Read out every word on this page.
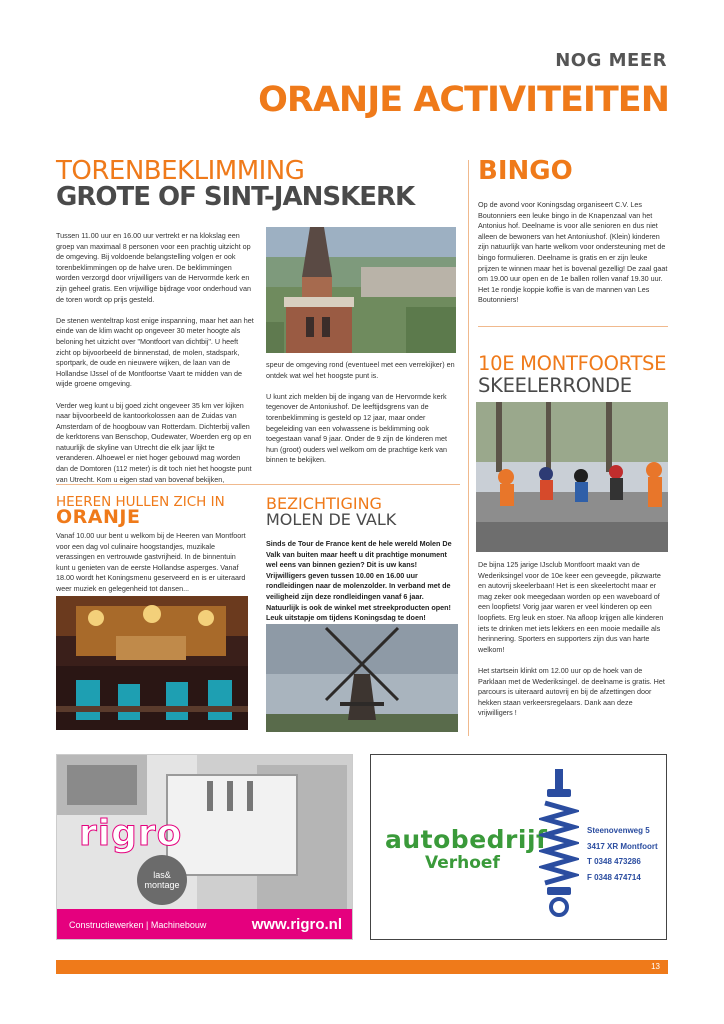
NOG MEER
ORANJE ACTIVITEITEN
TORENBEKLIMMING
GROTE OF SINT-JANSKERK

Tussen 11.00 uur en 16.00 uur vertrekt er na klokslag een groep van maximaal 8 personen voor een prachtig uitzicht op de omgeving. Bij voldoende belangstelling volgen er ook torenbeklimmingen op de halve uren. De beklimmingen worden verzorgd door vrijwilligers van de Hervormde kerk en zijn geheel gratis. Een vrijwillige bijdrage voor onderhoud van de toren wordt op prijs gesteld.

De stenen wenteltrap kost enige inspanning, maar het aan het einde van de klim wacht op ongeveer 30 meter hoogte als beloning het uitzicht over "Montfoort van dichtbij". U heeft zicht op bijvoorbeeld de binnenstad, de molen, stadspark, sportpark, de oude en nieuwere wijken, de laan van de Hollandse IJssel of de Montfoortse Vaart te midden van de wijde groene omgeving.

Verder weg kunt u bij goed zicht ongeveer 35 km ver kijken naar bijvoorbeeld de kantoorkolossen aan de Zuidas van Amsterdam of de hoogbouw van Rotterdam. Dichterbij vallen de kerktorens van Benschop, Oudewater, Woerden erg op en natuurlijk de skyline van Utrecht die elk jaar lijkt te veranderen. Alhoewel er niet hoger gebouwd mag worden dan de Domtoren (112 meter) is dit toch niet het hoogste punt van Utrecht. Kom u eigen stad van bovenaf bekijken,

speur de omgeving rond (eventueel met een verrekijker) en ontdek wat wel het hoogste punt is.

U kunt zich melden bij de ingang van de Hervormde kerk tegenover de Antoniushof. De leeftijdsgrens van de torenbeklimming is gesteld op 12 jaar, maar onder begeleiding van een volwassene is beklimming ook toegestaan vanaf 9 jaar. Onder de 9 zijn de kinderen met hun (groot) ouders wel welkom om de prachtige kerk van binnen te bekijken.

BINGO
Op de avond voor Koningsdag organiseert C.V. Les Boutonniers een leuke bingo in de Knapenzaal van het Antonius hof. Deelname is voor alle senioren en dus niet alleen de bewoners van het Antoniushof. (Klein) kinderen zijn natuurlijk van harte welkom voor ondersteuning met de bingo formulieren. Deelname is gratis en er zijn leuke prijzen te winnen maar het is bovenal gezellig! De zaal gaat om 19.00 uur open en de 1e ballen rollen vanaf 19.30 uur. Het 1e rondje koppie koffie is van de mannen van Les Boutonniers!
10E MONTFOORTSE
SKEELERRONDE

De bijna 125 jarige IJsclub Montfoort maakt van de Wederiksingel voor de 10e keer een geveegde, pikzwarte en autovrij skeelerbaan! Het is een skeelertocht maar er mag zeker ook meegedaan worden op een waveboard of een loopfiets! Vorig jaar waren er veel kinderen op een loopfiets. Erg leuk en stoer. Na afloop krijgen alle kinderen iets te drinken met iets lekkers en een mooie medaille als herinnering. Sporters en supporters zijn dus van harte welkom!

Het startsein klinkt om 12.00 uur op de hoek van de Parklaan met de Wederiksingel. de deelname is gratis. Het parcours is uiteraard autovrij en bij de afzettingen door hekken staan verkeersregelaars. Dank aan deze vrijwilligers !

HEEREN HULLEN ZICH IN
ORANJE
Vanaf 10.00 uur bent u welkom bij de Heeren van Montfoort voor een dag vol culinaire hoogstandjes, muzikale verassingen en vertrouwde gastvrijheid. In de binnentuin kunt u genieten van de eerste Hollandse asperges. Vanaf 18.00 wordt het Koningsmenu geserveerd en is er uiteraard weer muziek en gelegenheid tot dansen...
BEZICHTIGING
MOLEN DE VALK
Sinds de Tour de France kent de hele wereld Molen De Valk van buiten maar heeft u dit prachtige monument wel eens van binnen gezien? Dit is uw kans! Vrijwilligers geven tussen 10.00 en 16.00 uur rondleidingen naar de molenzolder. In verband met de veiligheid zijn deze rondleidingen vanaf 6 jaar. Natuurlijk is ook de winkel met streekproducten open! Leuk uitstapje om tijdens Koningsdag te doen!
rigro
las&
montage
Constructiewerken | Machinebouw	www.rigro.nl
autobedrijf
Verhoef
Steenovenweg 5
3417 XR Montfoort
T 0348 473286
F 0348 474714
13
